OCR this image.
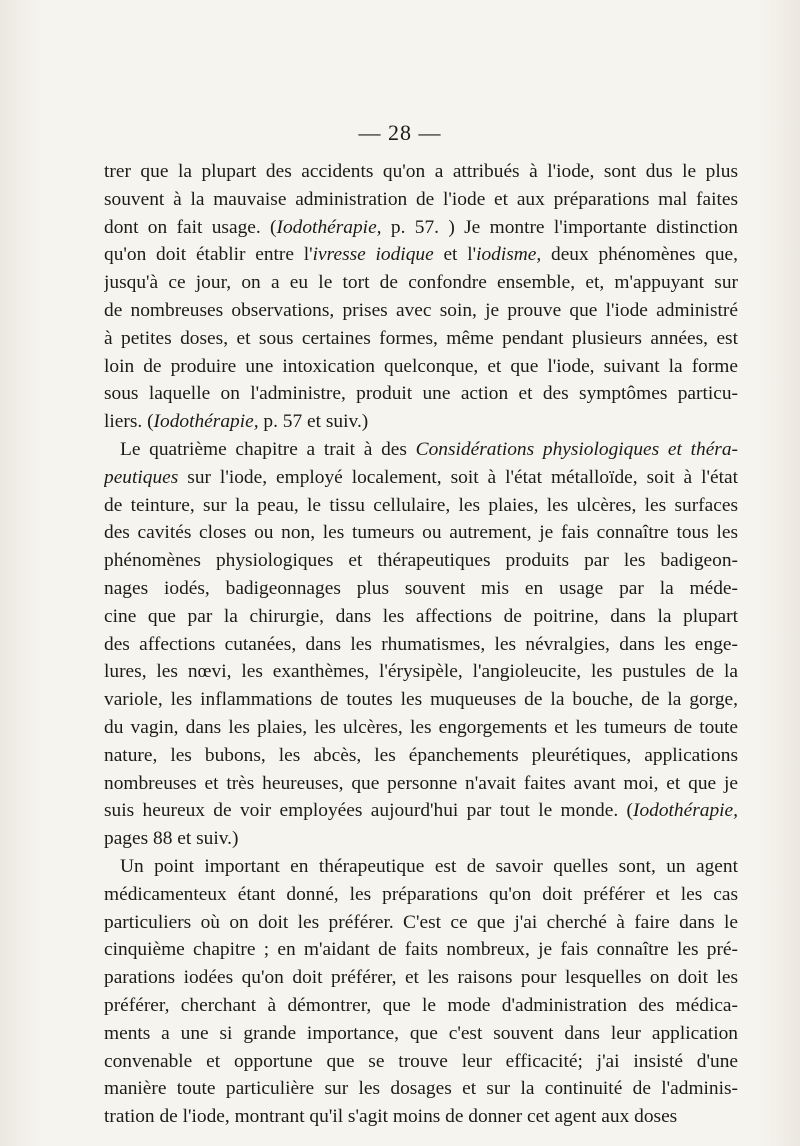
— 28 —
trer que la plupart des accidents qu'on a attribués à l'iode, sont dus le plus
souvent à la mauvaise administration de l'iode et aux préparations mal faites
dont on fait usage. (Iodothérapie, p. 57. ) Je montre l'importante distinction
qu'on doit établir entre l'ivresse iodique et l'iodisme, deux phénomènes que,
jusqu'à ce jour, on a eu le tort de confondre ensemble, et, m'appuyant sur
de nombreuses observations, prises avec soin, je prouve que l'iode administré
à petites doses, et sous certaines formes, même pendant plusieurs années, est
loin de produire une intoxication quelconque, et que l'iode, suivant la forme
sous laquelle on l'administre, produit une action et des symptômes particu-
liers. (Iodothérapie, p. 57 et suiv.)
Le quatrième chapitre a trait à des Considérations physiologiques et théra-
peutiques sur l'iode, employé localement, soit à l'état métalloïde, soit à l'état
de teinture, sur la peau, le tissu cellulaire, les plaies, les ulcères, les surfaces
des cavités closes ou non, les tumeurs ou autrement, je fais connaître tous les
phénomènes physiologiques et thérapeutiques produits par les badigeon-
nages iodés, badigeonnages plus souvent mis en usage par la méde-
cine que par la chirurgie, dans les affections de poitrine, dans la plupart
des affections cutanées, dans les rhumatismes, les névralgies, dans les enge-
lures, les nœvi, les exanthèmes, l'érysipèle, l'angioleucite, les pustules de la
variole, les inflammations de toutes les muqueuses de la bouche, de la gorge,
du vagin, dans les plaies, les ulcères, les engorgements et les tumeurs de toute
nature, les bubons, les abcès, les épanchements pleurétiques, applications
nombreuses et très heureuses, que personne n'avait faites avant moi, et que je
suis heureux de voir employées aujourd'hui par tout le monde. (Iodothérapie,
pages 88 et suiv.)
Un point important en thérapeutique est de savoir quelles sont, un agent
médicamenteux étant donné, les préparations qu'on doit préférer et les cas
particuliers où on doit les préférer. C'est ce que j'ai cherché à faire dans le
cinquième chapitre ; en m'aidant de faits nombreux, je fais connaître les pré-
parations iodées qu'on doit préférer, et les raisons pour lesquelles on doit les
préférer, cherchant à démontrer, que le mode d'administration des médica-
ments a une si grande importance, que c'est souvent dans leur application
convenable et opportune que se trouve leur efficacité; j'ai insisté d'une
manière toute particulière sur les dosages et sur la continuité de l'adminis-
tration de l'iode, montrant qu'il s'agit moins de donner cet agent aux doses
